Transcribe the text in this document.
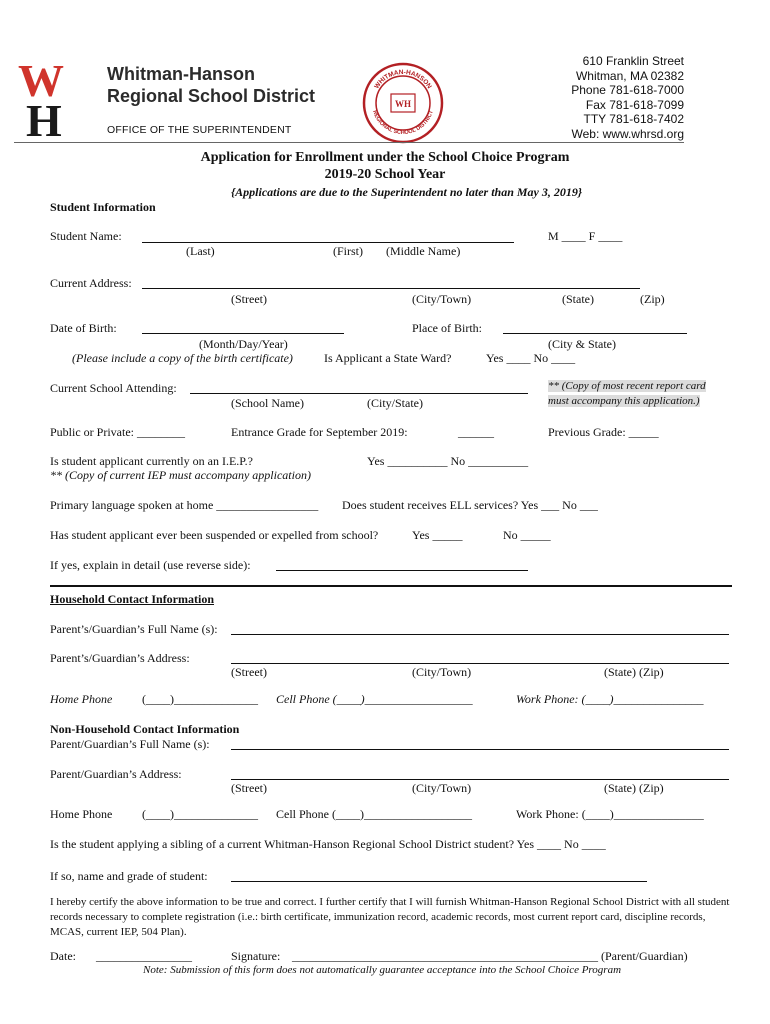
W
H
Whitman-Hanson
Regional School District
OFFICE OF THE SUPERINTENDENT
WHITMAN-HANSON
REGIONAL SCHOOL DISTRICT
WH
610 Franklin Street
Whitman, MA 02382
Phone 781-618-7000
Fax 781-618-7099
TTY 781-618-7402
Web: www.whrsd.org
Application for Enrollment under the School Choice Program
2019-20 School Year
{Applications are due to the Superintendent no later than May 3, 2019}
Student Information
Student Name:	M ____ F ____
(Last)	(First) (Middle Name)
Current Address:
(Street)	(City/Town)	(State)	(Zip)
Date of Birth:	Place of Birth:
(Month/Day/Year)	(City & State)
(Please include a copy of the birth certificate)	Is Applicant a State Ward?	Yes ____ No ____
Current School Attending:	** (Copy of most recent report card
must accompany this application.)
(School Name)	(City/State)
Public or Private: ________	Entrance Grade for September 2019:	______	Previous Grade: _____
Is student applicant currently on an I.E.P.?	Yes __________ No __________
** (Copy of current IEP must accompany application)
Primary language spoken at home _________________ Does student receives ELL services? Yes ___ No ___
Has student applicant ever been suspended or expelled from school?	Yes _____	No _____
If yes, explain in detail (use reverse side):
Household Contact Information
Parent’s/Guardian’s Full Name (s):
Parent’s/Guardian’s Address:
(Street)	(City/Town)	(State) (Zip)
Home Phone (____)______________ Cell Phone (____)__________________	Work Phone: (____)_______________
Non-Household Contact Information
Parent/Guardian’s Full Name (s):
Parent/Guardian’s Address:
(Street)	(City/Town)	(State) (Zip)
Home Phone (____)______________ Cell Phone (____)__________________	Work Phone: (____)_______________
Is the student applying a sibling of a current Whitman-Hanson Regional School District student? Yes ____ No ____
If so, name and grade of student:
I hereby certify the above information to be true and correct. I further certify that I will furnish Whitman-Hanson Regional School District with all student
records necessary to complete registration (i.e.: birth certificate, immunization record, academic records, most current report card, discipline records,
MCAS, current IEP, 504 Plan).
Date: ________________	Signature: ___________________________________________________ (Parent/Guardian)
Note: Submission of this form does not automatically guarantee acceptance into the School Choice Program
